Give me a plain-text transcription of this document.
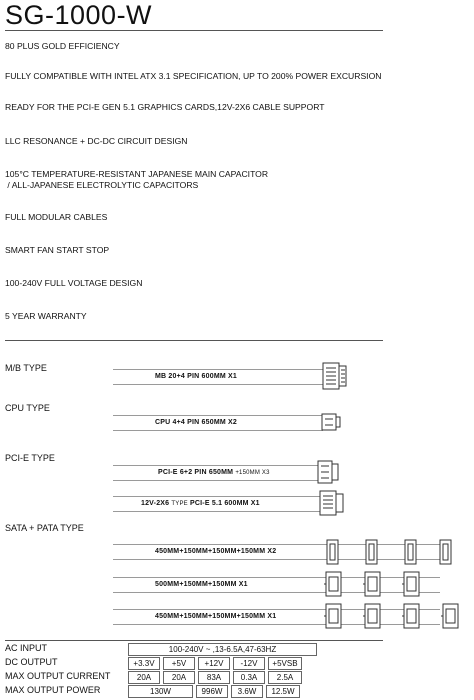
SG-1000-W
80 PLUS GOLD EFFICIENCY
FULLY COMPATIBLE WITH INTEL ATX 3.1 SPECIFICATION, UP TO 200% POWER EXCURSION
READY FOR THE PCI-E GEN 5.1 GRAPHICS CARDS,12V-2X6 CABLE SUPPORT
LLC RESONANCE + DC-DC CIRCUIT DESIGN
105°C TEMPERATURE-RESISTANT JAPANESE MAIN CAPACITOR
/ ALL-JAPANESE ELECTROLYTIC CAPACITORS
FULL MODULAR CABLES
SMART FAN START STOP
100-240V FULL VOLTAGE DESIGN
5 YEAR WARRANTY
M/B TYPE
MB 20+4 PIN 600MM X1
CPU TYPE
CPU 4+4 PIN 650MM X2
PCI-E TYPE
PCI-E 6+2 PIN 650MM +150MM X3
12V-2X6 TYPE PCI-E 5.1 600MM X1
SATA + PATA TYPE
450MM+150MM+150MM+150MM X2
500MM+150MM+150MM X1
450MM+150MM+150MM+150MM X1
AC INPUT	100-240V ~ ,13-6.5A,47-63HZ
DC OUTPUT	+3.3V	+5V	+12V	-12V	+5VSB
MAX OUTPUT CURRENT	20A	20A	83A	0.3A	2.5A
MAX OUTPUT POWER	130W	996W	3.6W	12.5W
